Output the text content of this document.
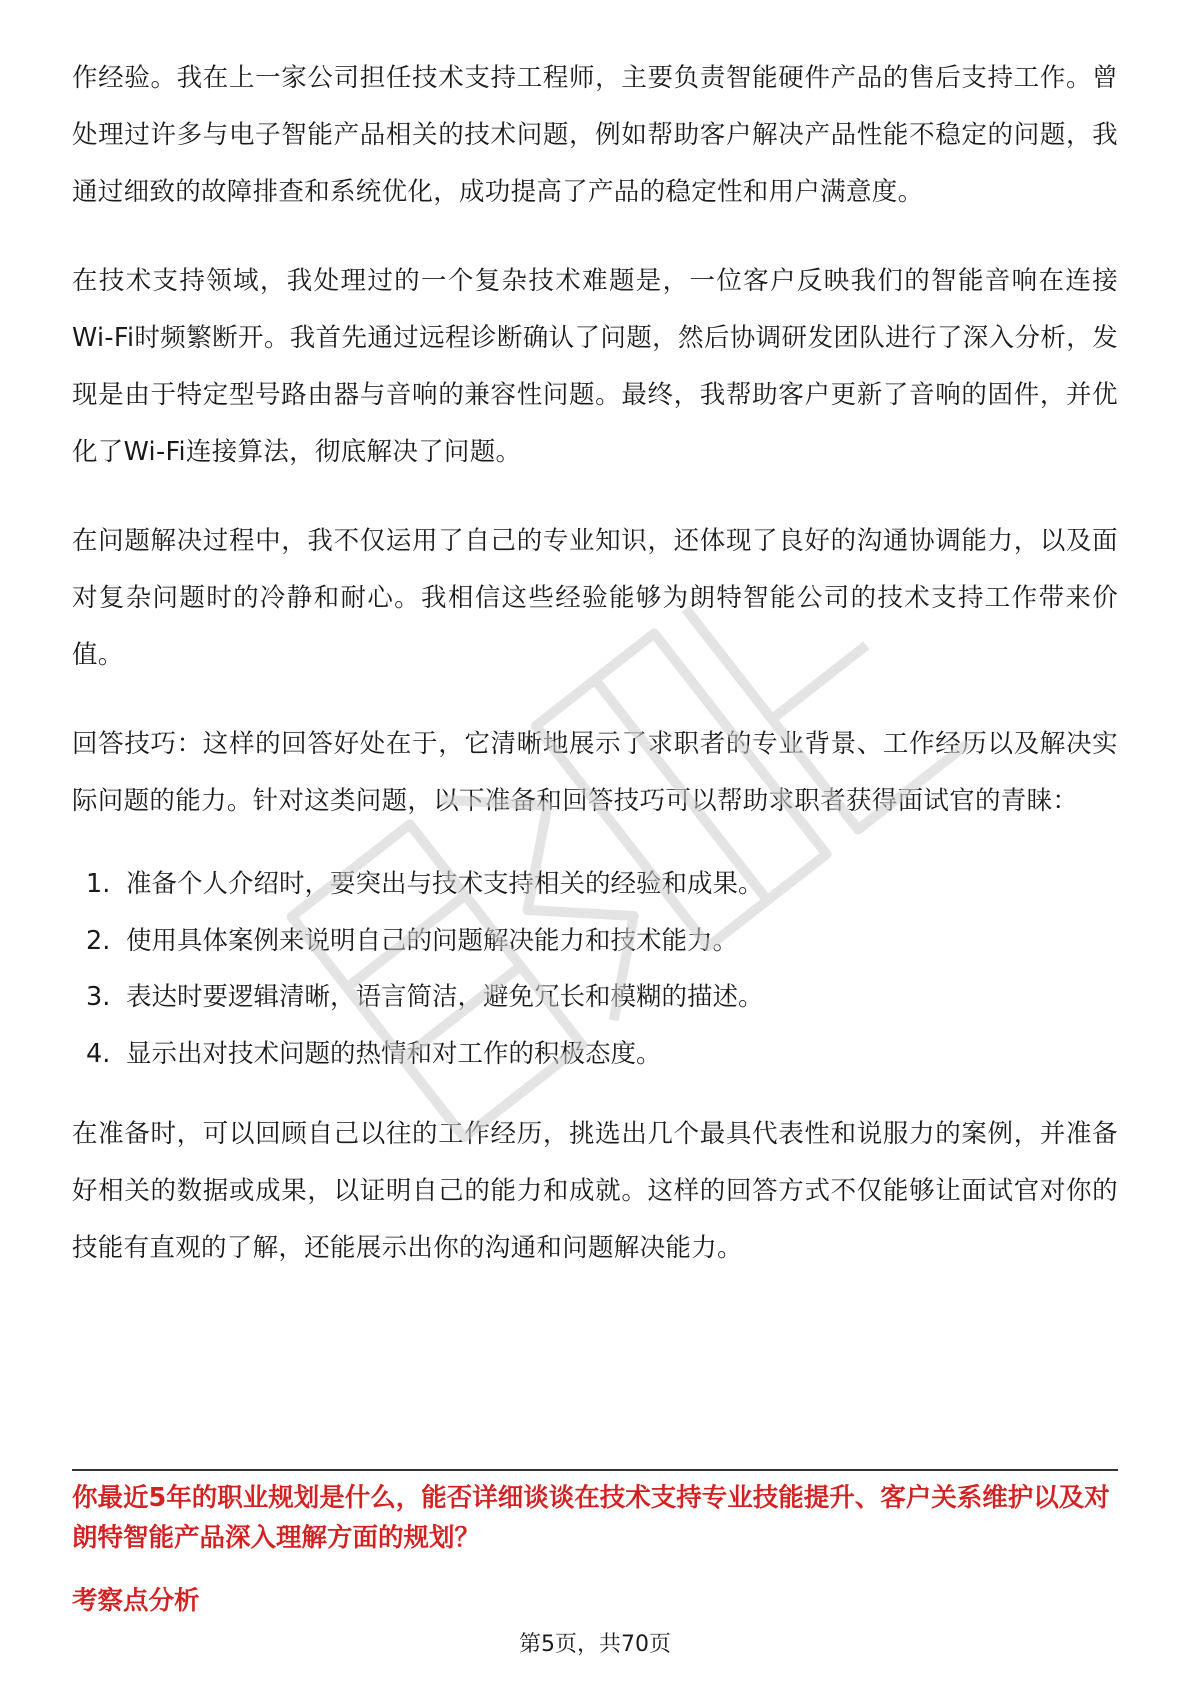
作经验。我在上一家公司担任技术支持工程师，主要负责智能硬件产品的售后支持工作。曾处理过许多与电子智能产品相关的技术问题，例如帮助客户解决产品性能不稳定的问题，我通过细致的故障排查和系统优化，成功提高了产品的稳定性和用户满意度。

在技术支持领域，我处理过的一个复杂技术难题是，一位客户反映我们的智能音响在连接Wi-Fi时频繁断开。我首先通过远程诊断确认了问题，然后协调研发团队进行了深入分析，发现是由于特定型号路由器与音响的兼容性问题。最终，我帮助客户更新了音响的固件，并优化了Wi-Fi连接算法，彻底解决了问题。

在问题解决过程中，我不仅运用了自己的专业知识，还体现了良好的沟通协调能力，以及面对复杂问题时的冷静和耐心。我相信这些经验能够为朗特智能公司的技术支持工作带来价值。

回答技巧：这样的回答好处在于，它清晰地展示了求职者的专业背景、工作经历以及解决实际问题的能力。针对这类问题，以下准备和回答技巧可以帮助求职者获得面试官的青睐：

1. 准备个人介绍时，要突出与技术支持相关的经验和成果。
2. 使用具体案例来说明自己的问题解决能力和技术能力。
3. 表达时要逻辑清晰，语言简洁，避免冗长和模糊的描述。
4. 显示出对技术问题的热情和对工作的积极态度。

在准备时，可以回顾自己以往的工作经历，挑选出几个最具代表性和说服力的案例，并准备好相关的数据或成果，以证明自己的能力和成就。这样的回答方式不仅能够让面试官对你的技能有直观的了解，还能展示出你的沟通和问题解决能力。

你最近5年的职业规划是什么，能否详细谈谈在技术支持专业技能提升、客户关系维护以及对朗特智能产品深入理解方面的规划？

考察点分析

第5页，共70页
